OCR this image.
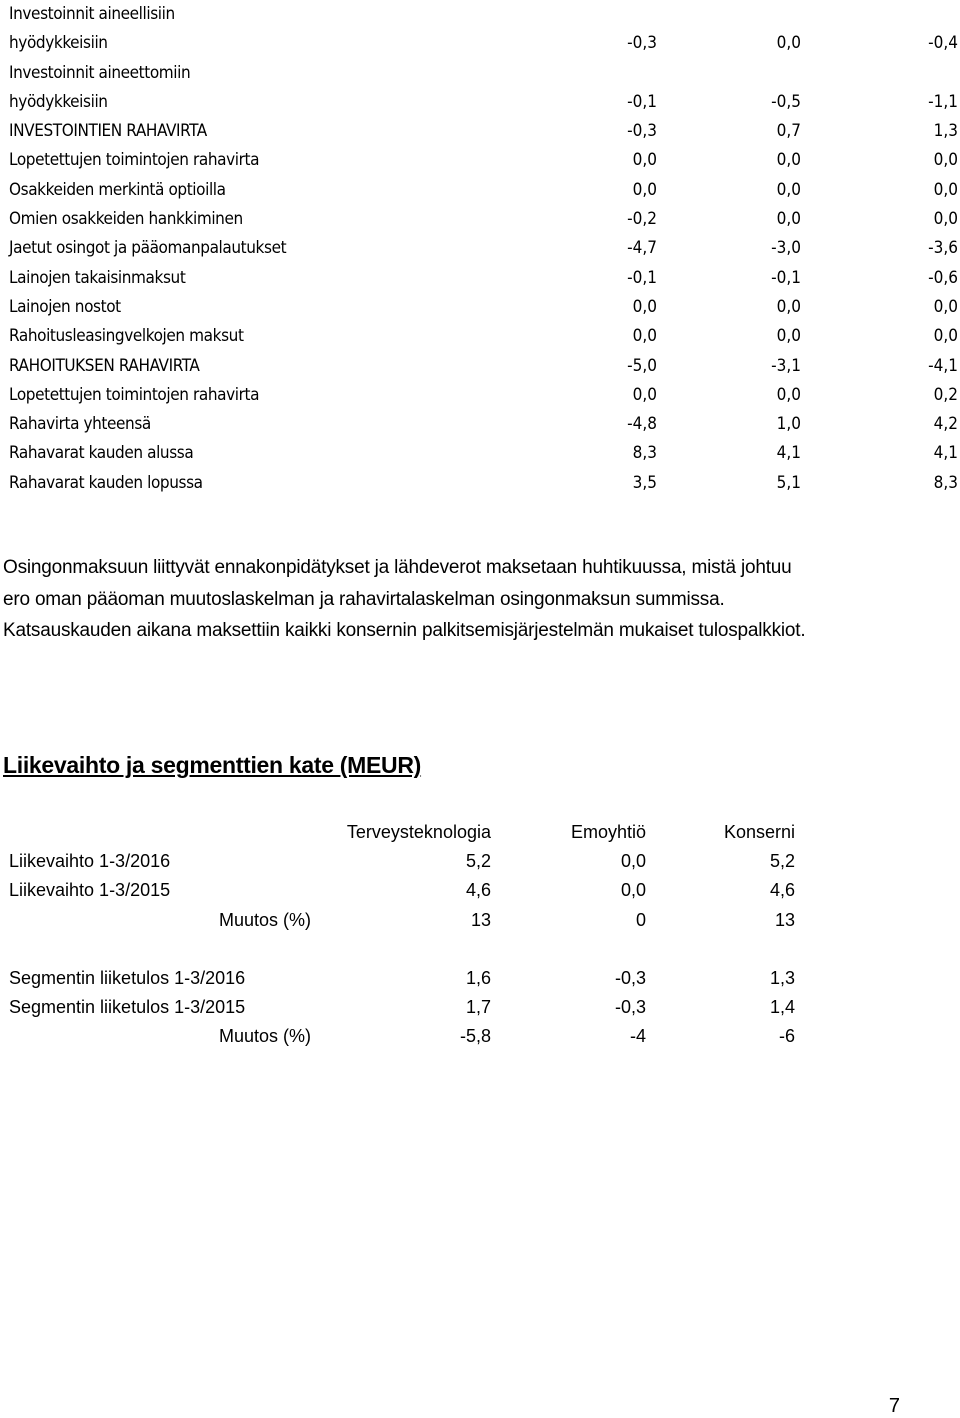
Investoinnit aineellisiin
hyödykkeisiin	-0,3	0,0	-0,4
Investoinnit aineettomiin
hyödykkeisiin	-0,1	-0,5	-1,1
INVESTOINTIEN RAHAVIRTA	-0,3	0,7	1,3
Lopetettujen toimintojen rahavirta	0,0	0,0	0,0
Osakkeiden merkintä optioilla	0,0	0,0	0,0
Omien osakkeiden hankkiminen	-0,2	0,0	0,0
Jaetut osingot ja pääomanpalautukset	-4,7	-3,0	-3,6
Lainojen takaisinmaksut	-0,1	-0,1	-0,6
Lainojen nostot	0,0	0,0	0,0
Rahoitusleasingvelkojen maksut	0,0	0,0	0,0
RAHOITUKSEN RAHAVIRTA	-5,0	-3,1	-4,1
Lopetettujen toimintojen rahavirta	0,0	0,0	0,2
Rahavirta yhteensä	-4,8	1,0	4,2
Rahavarat kauden alussa	8,3	4,1	4,1
Rahavarat kauden lopussa	3,5	5,1	8,3

Osingonmaksuun liittyvät ennakonpidätykset ja lähdeverot maksetaan huhtikuussa, mistä johtuu

ero oman pääoman muutoslaskelman ja rahavirtalaskelman osingonmaksun summissa.

Katsauskauden aikana maksettiin kaikki konsernin palkitsemisjärjestelmän mukaiset tulospalkkiot.

Liikevaihto ja segmenttien kate (MEUR)
Terveysteknologia	Emoyhtiö	Konserni
Liikevaihto 1-3/2016	5,2	0,0	5,2
Liikevaihto 1-3/2015	4,6	0,0	4,6
Muutos (%)	13	0	13
Segmentin liiketulos 1-3/2016	1,6	-0,3	1,3
Segmentin liiketulos 1-3/2015	1,7	-0,3	1,4
Muutos (%)	-5,8	-4	-6
7
